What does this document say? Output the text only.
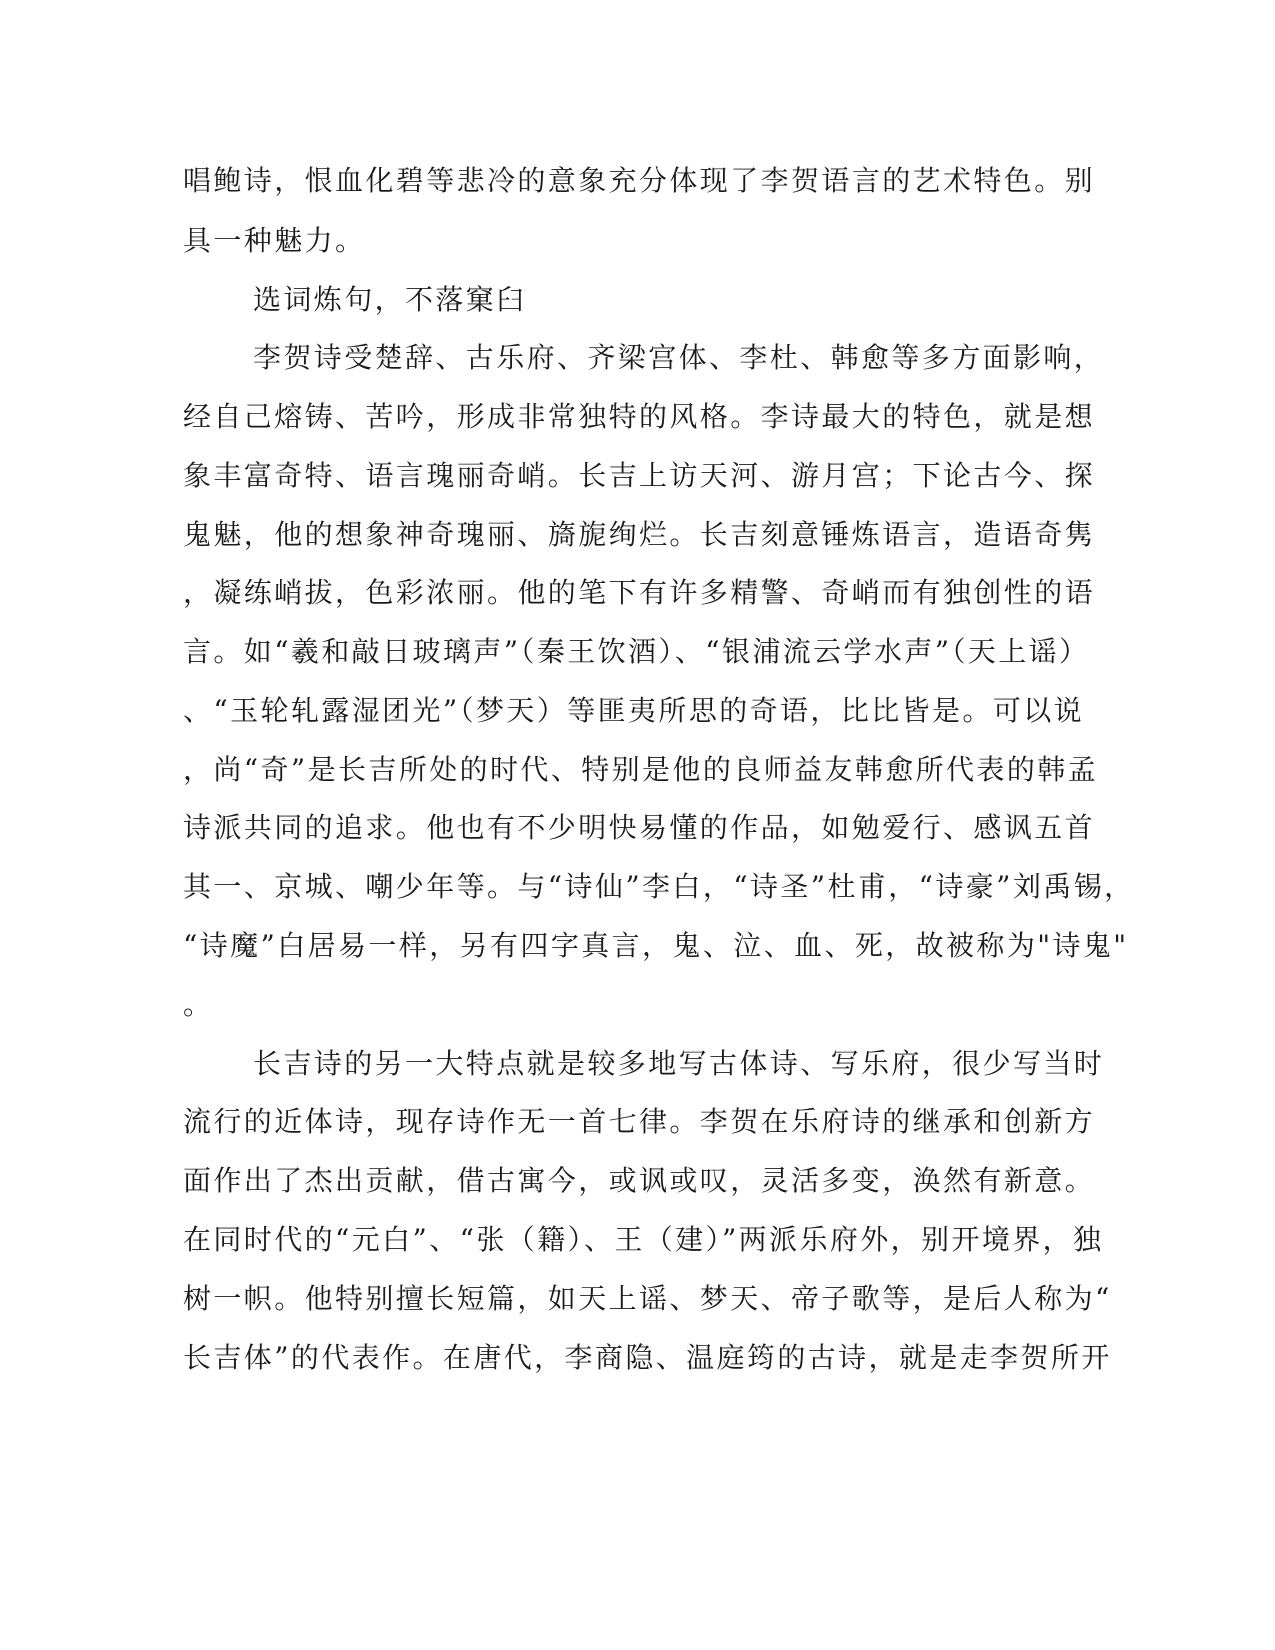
唱鲍诗，恨血化碧等悲冷的意象充分体现了李贺语言的艺术特色。别
具一种魅力。
选词炼句，不落窠臼
李贺诗受楚辞、古乐府、齐梁宫体、李杜、韩愈等多方面影响，
经自己熔铸、苦吟，形成非常独特的风格。李诗最大的特色，就是想
象丰富奇特、语言瑰丽奇峭。长吉上访天河、游月宫；下论古今、探
鬼魅，他的想象神奇瑰丽、旖旎绚烂。长吉刻意锤炼语言，造语奇隽
，凝练峭拔，色彩浓丽。他的笔下有许多精警、奇峭而有独创性的语
言。如“羲和敲日玻璃声”（秦王饮酒）、“银浦流云学水声”（天上谣）
、“玉轮轧露湿团光”（梦天）等匪夷所思的奇语，比比皆是。可以说
，尚“奇”是长吉所处的时代、特别是他的良师益友韩愈所代表的韩孟
诗派共同的追求。他也有不少明快易懂的作品，如勉爱行、感讽五首
其一、京城、嘲少年等。与“诗仙”李白，“诗圣”杜甫，“诗豪”刘禹锡，
“诗魔”白居易一样，另有四字真言，鬼、泣、血、死，故被称为"诗鬼"
。
长吉诗的另一大特点就是较多地写古体诗、写乐府，很少写当时
流行的近体诗，现存诗作无一首七律。李贺在乐府诗的继承和创新方
面作出了杰出贡献，借古寓今，或讽或叹，灵活多变，涣然有新意。
在同时代的“元白”、“张（籍）、王（建）”两派乐府外，别开境界，独
树一帜。他特别擅长短篇，如天上谣、梦天、帝子歌等，是后人称为“
长吉体”的代表作。在唐代，李商隐、温庭筠的古诗，就是走李贺所开
